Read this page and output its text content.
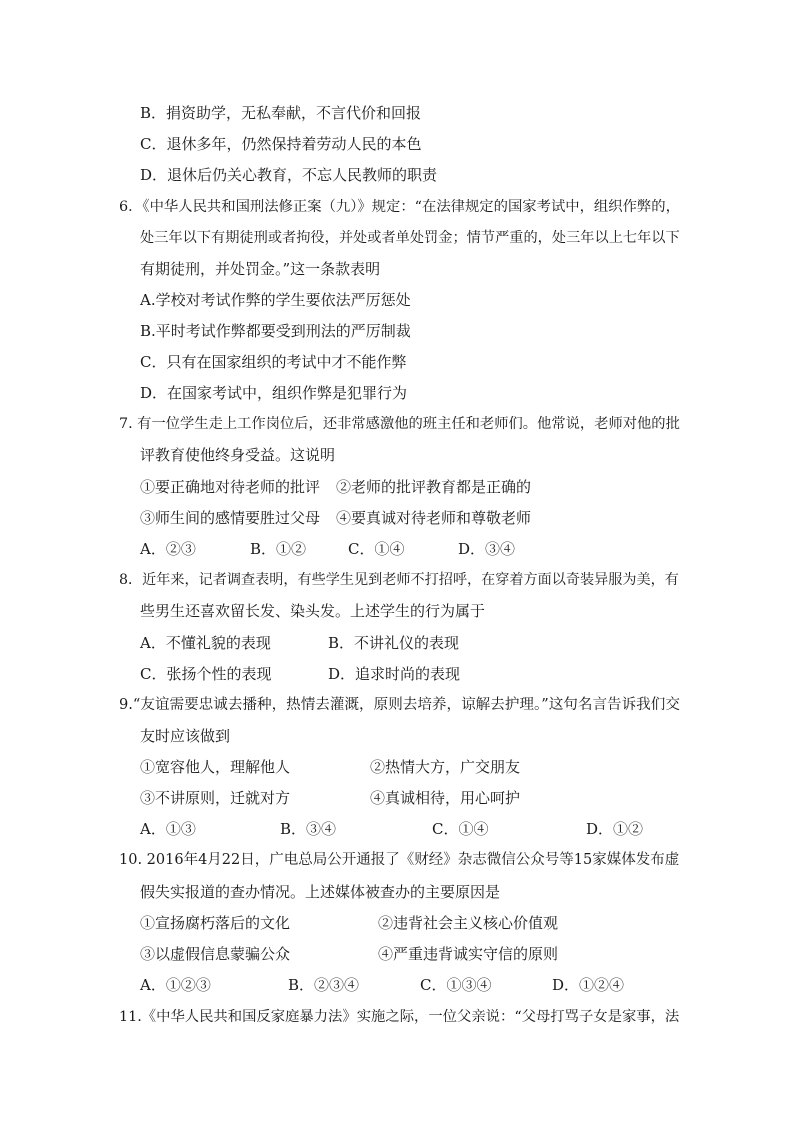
B．捐资助学，无私奉献，不言代价和回报
C．退休多年，仍然保持着劳动人民的本色
D．退休后仍关心教育，不忘人民教师的职责
6．《中华人民共和国刑法修正案（九）》规定：“在法律规定的国家考试中，组织作弊的，
处三年以下有期徒刑或者拘役，并处或者单处罚金；情节严重的，处三年以上七年以下
有期徒刑，并处罚金。”这一条款表明
A.学校对考试作弊的学生要依法严厉惩处
B.平时考试作弊都要受到刑法的严厉制裁
C．只有在国家组织的考试中才不能作弊
D．在国家考试中，组织作弊是犯罪行为
7. 有一位学生走上工作岗位后，还非常感激他的班主任和老师们。他常说，老师对他的批
评教育使他终身受益。这说明
①要正确地对待老师的批评 ②老师的批评教育都是正确的
③师生间的感情要胜过父母 ④要真诚对待老师和尊敬老师
A．②③	B．①②	C．①④	D．③④
8．近年来，记者调查表明，有些学生见到老师不打招呼，在穿着方面以奇装异服为美，有
些男生还喜欢留长发、染头发。上述学生的行为属于
A．不懂礼貌的表现	B．不讲礼仪的表现
C．张扬个性的表现	D．追求时尚的表现
9.“友谊需要忠诚去播种，热情去灌溉，原则去培养，谅解去护理。”这句名言告诉我们交
友时应该做到
①宽容他人，理解他人	②热情大方，广交朋友
③不讲原则，迁就对方	④真诚相待，用心呵护
A．①③	B．③④	C．①④	D．①②
10. 2016年4月22日，广电总局公开通报了《财经》杂志微信公众号等15家媒体发布虚
假失实报道的查办情况。上述媒体被查办的主要原因是
①宣扬腐朽落后的文化	②违背社会主义核心价值观
③以虚假信息蒙骗公众	④严重违背诚实守信的原则
A．①②③	B．②③④	C．①③④	D．①②④
11.《中华人民共和国反家庭暴力法》实施之际，一位父亲说：“父母打骂子女是家事，法
